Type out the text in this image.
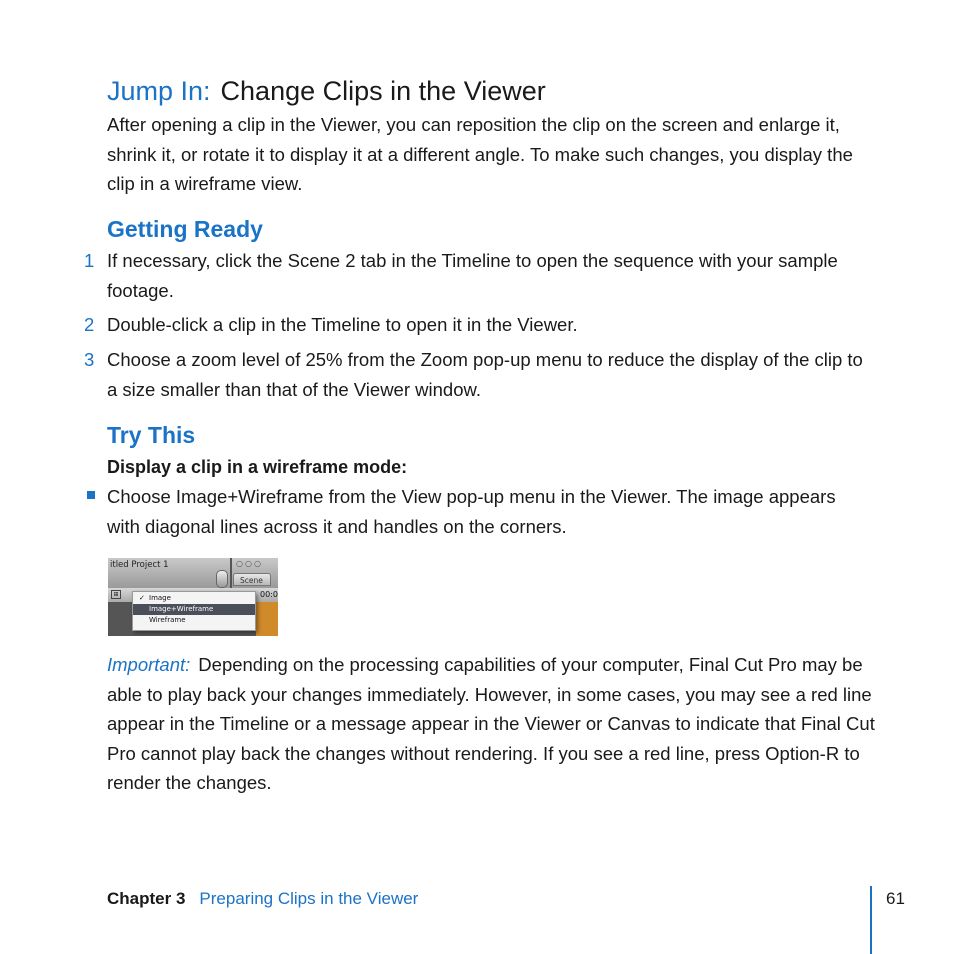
Jump In: Change Clips in the Viewer
After opening a clip in the Viewer, you can reposition the clip on the screen and enlarge it, shrink it, or rotate it to display it at a different angle. To make such changes, you display the clip in a wireframe view.
Getting Ready
1 If necessary, click the Scene 2 tab in the Timeline to open the sequence with your sample footage.
2 Double-click a clip in the Timeline to open it in the Viewer.
3 Choose a zoom level of 25% from the Zoom pop-up menu to reduce the display of the clip to a size smaller than that of the Viewer window.
Try This
Display a clip in a wireframe mode:
Choose Image+Wireframe from the View pop-up menu in the Viewer. The image appears with diagonal lines across it and handles on the corners.
itled Project 1	○○○
Scene
⊞	00:0
✓ Image
Image+Wireframe
Wireframe
Important: Depending on the processing capabilities of your computer, Final Cut Pro may be able to play back your changes immediately. However, in some cases, you may see a red line appear in the Timeline or a message appear in the Viewer or Canvas to indicate that Final Cut Pro cannot play back the changes without rendering. If you see a red line, press Option-R to render the changes.
Chapter 3 Preparing Clips in the Viewer	61
